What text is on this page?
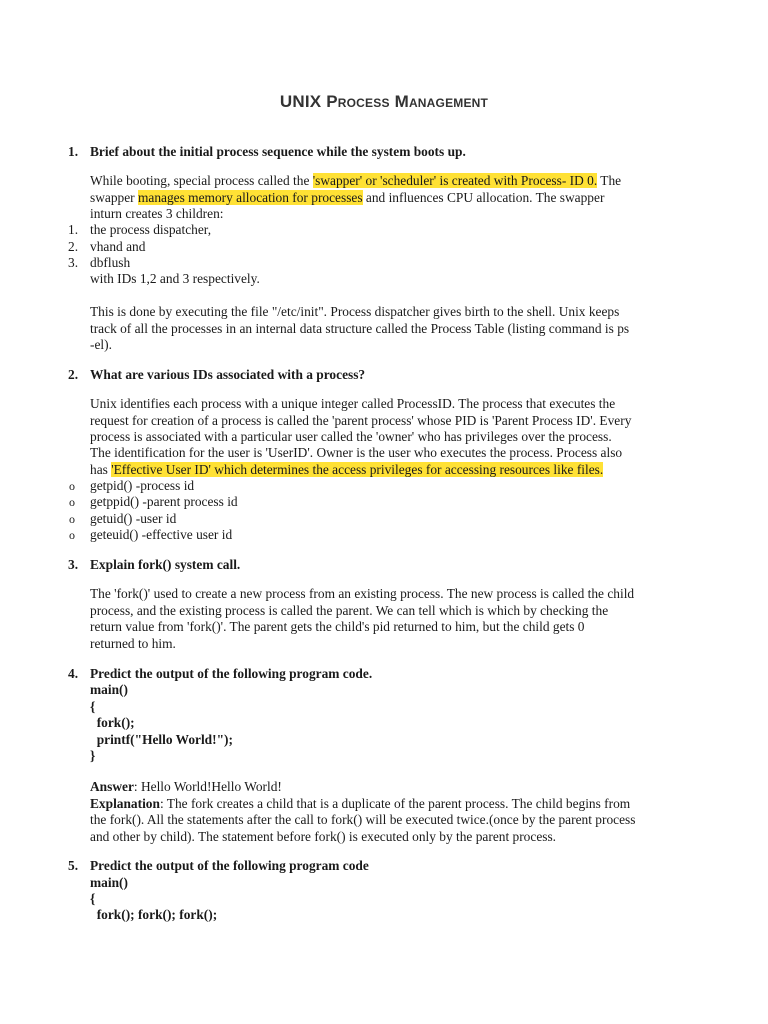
UNIX Process Management
1. Brief about the initial process sequence while the system boots up.
While booting, special process called the 'swapper' or 'scheduler' is created with Process- ID 0. The
swapper manages memory allocation for processes and influences CPU allocation. The swapper
inturn creates 3 children:
1. the process dispatcher,
2. vhand and
3. dbflush
with IDs 1,2 and 3 respectively.
This is done by executing the file "/etc/init". Process dispatcher gives birth to the shell. Unix keeps
track of all the processes in an internal data structure called the Process Table (listing command is ps
-el).
2. What are various IDs associated with a process?
Unix identifies each process with a unique integer called ProcessID. The process that executes the
request for creation of a process is called the 'parent process' whose PID is 'Parent Process ID'. Every
process is associated with a particular user called the 'owner' who has privileges over the process.
The identification for the user is 'UserID'. Owner is the user who executes the process. Process also
has 'Effective User ID' which determines the access privileges for accessing resources like files.
o getpid() -process id
o getppid() -parent process id
o getuid() -user id
o geteuid() -effective user id
3. Explain fork() system call.
The 'fork()' used to create a new process from an existing process. The new process is called the child
process, and the existing process is called the parent. We can tell which is which by checking the
return value from 'fork()'. The parent gets the child's pid returned to him, but the child gets 0
returned to him.
4. Predict the output of the following program code.
main()
{
fork();
printf("Hello World!");
}
Answer: Hello World!Hello World!
Explanation: The fork creates a child that is a duplicate of the parent process. The child begins from
the fork(). All the statements after the call to fork() will be executed twice.(once by the parent process
and other by child). The statement before fork() is executed only by the parent process.
5. Predict the output of the following program code
main()
{
fork(); fork(); fork();
